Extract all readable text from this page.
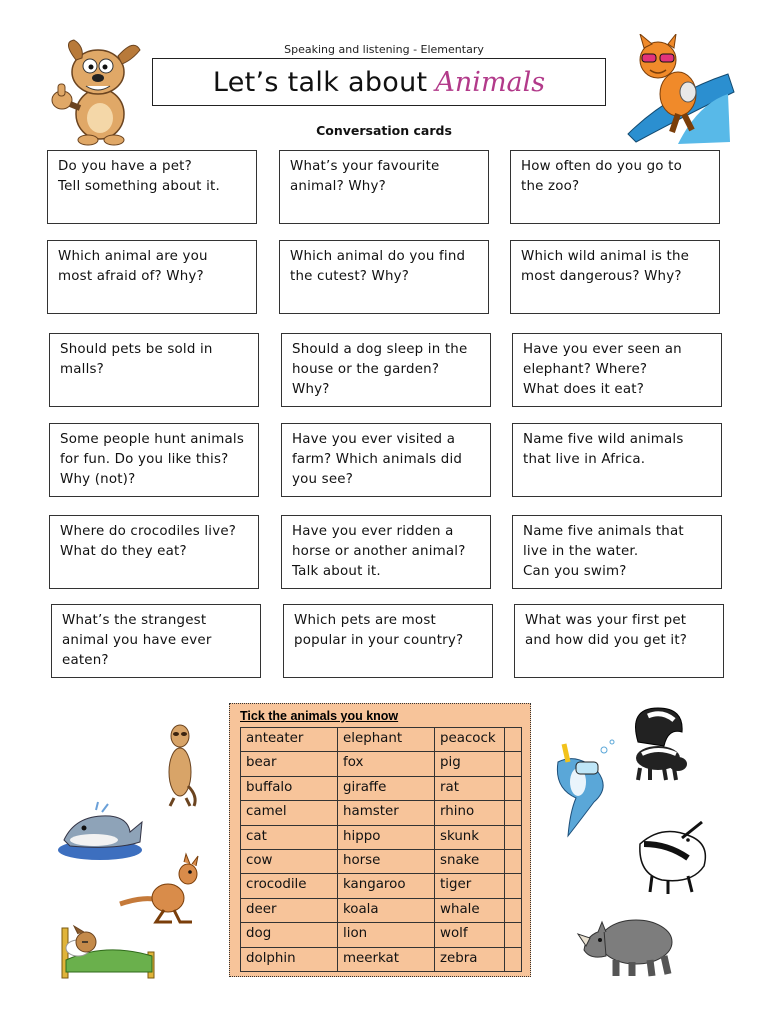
Speaking and listening - Elementary
Let’s talk about Animals
Conversation cards
Do you have a pet?
Tell something about it.
What’s your favourite
animal? Why?
How often do you go to
the zoo?
Which animal are you
most afraid of? Why?
Which animal do you find
the cutest? Why?
Which wild animal is the
most dangerous? Why?
Should pets be sold in
malls?
Should a dog sleep in the
house or the garden?
Why?
Have you ever seen an
elephant? Where?
What does it eat?
Some people hunt animals
for fun. Do you like this?
Why (not)?
Have you ever visited a
farm? Which animals did
you see?
Name five wild animals
that live in Africa.
Where do crocodiles live?
What do they eat?
Have you ever ridden a
horse or another animal?
Talk about it.
Name five animals that
live in the water.
Can you swim?
What’s the strangest
animal you have ever
eaten?
Which pets are most
popular in your country?
What was your first pet
and how did you get it?
Tick the animals you know
anteater	elephant	peacock
bear	fox	pig
buffalo	giraffe	rat
camel	hamster	rhino
cat	hippo	skunk
cow	horse	snake
crocodile	kangaroo	tiger
deer	koala	whale
dog	lion	wolf
dolphin	meerkat	zebra
